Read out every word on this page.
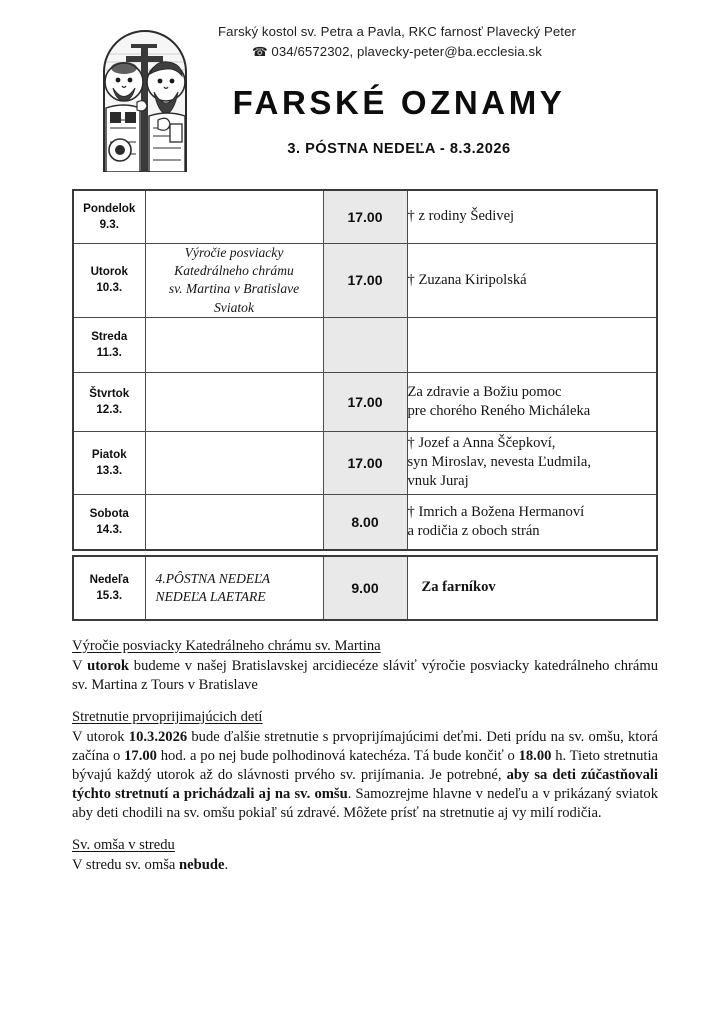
Farský kostol sv. Petra a Pavla, RKC farnosť Plavecký Peter
☎ 034/6572302, plavecky-peter@ba.ecclesia.sk
FARSKÉ OZNAMY
3. PÓSTNA NEDEĽA - 8.3.2026
Pondelok
9.3.		17.00	† z rodiny Šedivej

Utorok
10.3.

Výročie posviacky
Katedrálneho chrámu
sv. Martina v Bratislave
Sviatok
	17.00	† Zuzana Kiripolská

Streda
11.3.			

Štvrtok
12.3.		17.00	
Za zdravie a Božiu pomoc
pre chorého Reného Micháleka

Piatok
13.3.		17.00	
† Jozef a Anna Ščepkoví,
syn Miroslav, nevesta Ľudmila,
vnuk Juraj

Sobota
14.3.		8.00	
† Imrich a Božena Hermanoví
a rodičia z oboch strán
Nedeľa
15.3.

4.PÔSTNA NEDEĽA
NEDEĽA LAETARE
	9.00	Za farníkov
Výročie posviacky Katedrálneho chrámu sv. Martina
V utorok budeme v našej Bratislavskej arcidiecéze sláviť výročie posviacky katedrálneho chrámu sv. Martina z Tours v Bratislave
Stretnutie prvoprijimajúcich detí
V utorok 10.3.2026 bude ďalšie stretnutie s prvoprijímajúcimi deťmi. Deti prídu na sv. omšu, ktorá začína o 17.00 hod. a po nej bude polhodinová katechéza. Tá bude končiť o 18.00 h. Tieto stretnutia bývajú každý utorok až do slávnosti prvého sv. prijímania. Je potrebné, aby sa deti zúčastňovali týchto stretnutí a prichádzali aj na sv. omšu. Samozrejme hlavne v nedeľu a v prikázaný sviatok aby deti chodili na sv. omšu pokiaľ sú zdravé. Môžete prísť na stretnutie aj vy milí rodičia.
Sv. omša v stredu
V stredu sv. omša nebude.
